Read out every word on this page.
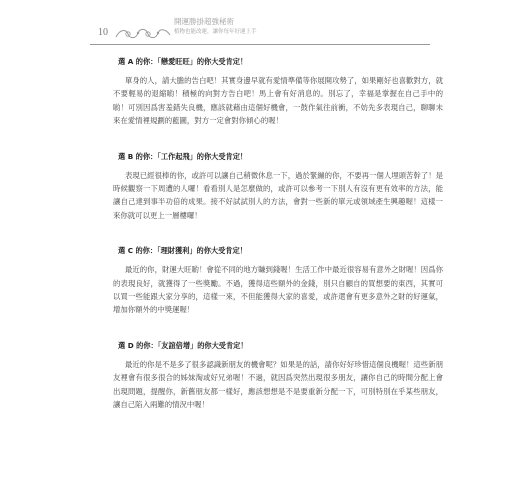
10
開運勝掛超強秘術
植物也能改運，讓你每年好運上手
選 A 的你：「戀愛旺旺」的你大受肯定！

單身的人，請大膽的告白吧！其實身邊早就有愛情準備等你展開攻勢了，如果剛好也喜歡對方，就不要輕易的退縮喲！積極的向對方告白吧！馬上會有好消息的。別忘了，幸福是掌握在自己手中的喲！可別因爲害羞錯失良機，應該就藉由這個好機會，一鼓作氣往前衝，不妨先多表現自己，聊聊未來在愛情裡規劃的藍圖，對方一定會對你傾心的喔！

選 B 的你：「工作起飛」的你大受肯定！

表現已經很棒的你，或許可以讓自己稍微休息一下，過於緊繃的你，不要再一個人埋頭苦幹了！是時候觀察一下周遭的人囉！看看別人是怎麼做的，或許可以參考一下別人有沒有更有效率的方法，能讓自己達到事半功倍的成果。接不好試試別人的方法，會對一些新的單元或領域產生興趣喔！這樣一來你就可以更上一層樓囉！

選 C 的你：「理財獲利」的你大受肯定！

最近的你，財運大旺喲！會從不同的地方賺到錢喔！生活工作中最近很容易有意外之財喔！因爲你的表現良好，就獲得了一些獎勵。不過，獲得這些額外的金錢，別只自顧自的買想要的東西，其實可以買一些能跟大家分享的，這樣一來，不但能獲得大家的喜愛，或許還會有更多意外之財的好運氣，增加你額外的中獎運喔！

選 D 的你：「友誼倍增」的你大受肯定！

最近的你是不是多了很多認識新朋友的機會呢？如果是的話，請你好好珍惜這個良機喔！這些新朋友裡會有很多很合的姊妹淘或好兄弟喔！不過，就因爲突然出現很多朋友，讓你自己的時間分配上會出現問題，提醒你，新舊朋友都一樣好，應該想想是不是要重新分配一下，可別特別在乎某些朋友，讓自己陷入兩難的情況中喔！
